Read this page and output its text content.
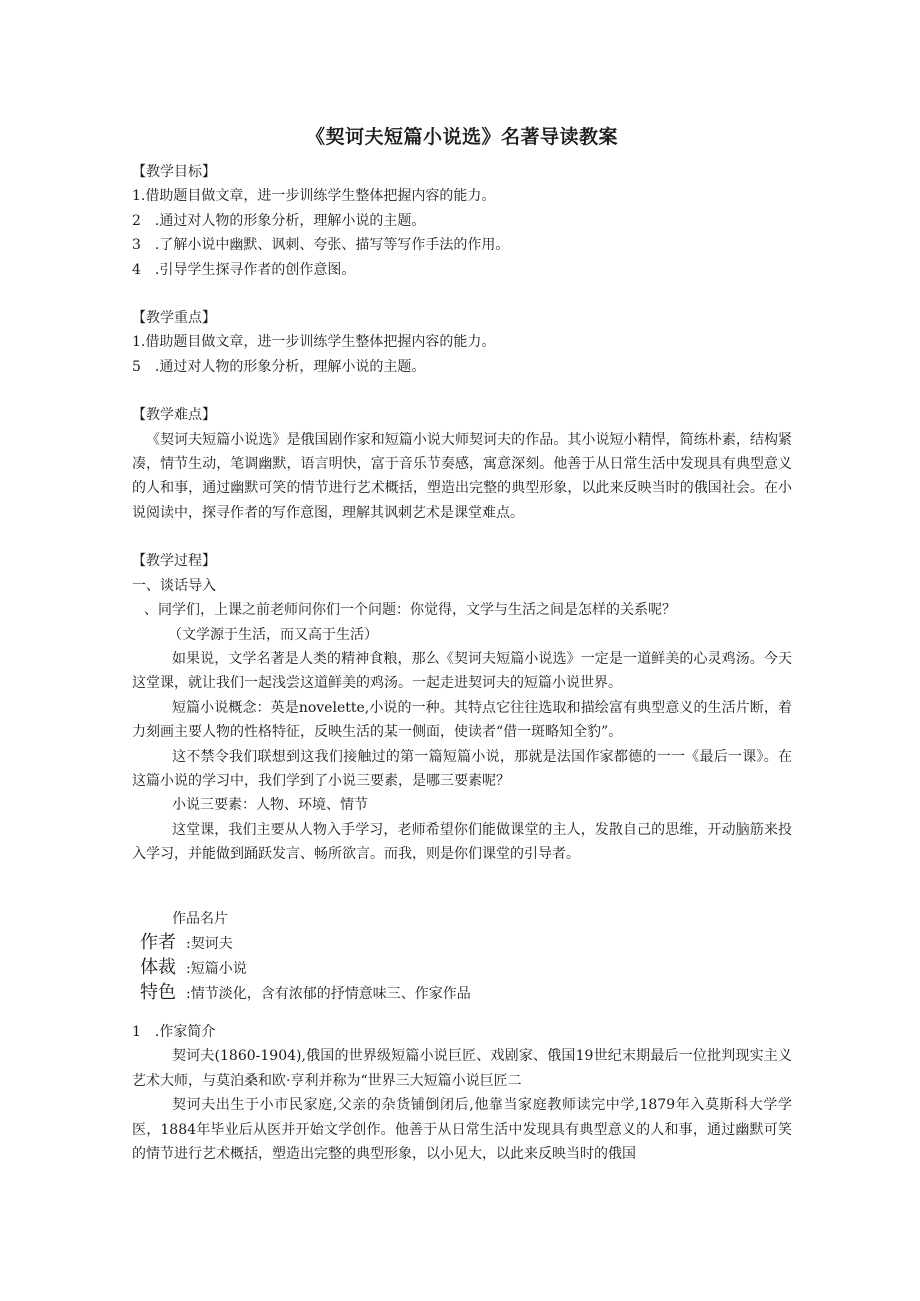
《契诃夫短篇小说选》名著导读教案

【教学目标】

1.借助题目做文章，进一步训练学生整体把握内容的能力。

2　.通过对人物的形象分析，理解小说的主题。

3　.了解小说中幽默、讽刺、夸张、描写等写作手法的作用。

4　.引导学生探寻作者的创作意图。

【教学重点】

1.借助题目做文章，进一步训练学生整体把握内容的能力。

5　.通过对人物的形象分析，理解小说的主题。

【教学难点】

《契诃夫短篇小说选》是俄国剧作家和短篇小说大师契诃夫的作品。其小说短小精悍，简练朴素，结构紧凑，情节生动，笔调幽默，语言明快，富于音乐节奏感，寓意深刻。他善于从日常生活中发现具有典型意义的人和事，通过幽默可笑的情节进行艺术概括，塑造出完整的典型形象，以此来反映当时的俄国社会。在小说阅读中，探寻作者的写作意图，理解其讽刺艺术是课堂难点。

【教学过程】

一、谈话导入

、同学们，上课之前老师问你们一个问题：你觉得，文学与生活之间是怎样的关系呢？

（文学源于生活，而又高于生活）

如果说，文学名著是人类的精神食粮，那么《契诃夫短篇小说选》一定是一道鲜美的心灵鸡汤。今天这堂课，就让我们一起浅尝这道鲜美的鸡汤。一起走进契诃夫的短篇小说世界。

短篇小说概念：英是novelette,小说的一种。其特点它往往选取和描绘富有典型意义的生活片断，着力刻画主要人物的性格特征，反映生活的某一侧面，使读者“借一斑略知全豹”。

这不禁令我们联想到这我们接触过的第一篇短篇小说，那就是法国作家都德的一一《最后一课》。在这篇小说的学习中，我们学到了小说三要素，是哪三要素呢？

小说三要素：人物、环境、情节

这堂课，我们主要从人物入手学习，老师希望你们能做课堂的主人，发散自己的思维，开动脑筋来投入学习，并能做到踊跃发言、畅所欲言。而我，则是你们课堂的引导者。

作品名片

作者 : 契诃夫
体裁 : 短篇小说
特色 : 情节淡化，含有浓郁的抒情意味三、作家作品

1　.作家简介

契诃夫(1860-1904),俄国的世界级短篇小说巨匠、戏剧家、俄国19世纪末期最后一位批判现实主义艺术大师，与莫泊桑和欧·亨利并称为“世界三大短篇小说巨匠二

契诃夫出生于小市民家庭,父亲的杂货铺倒闭后,他靠当家庭教师读完中学,1879年入莫斯科大学学医，1884年毕业后从医并开始文学创作。他善于从日常生活中发现具有典型意义的人和事，通过幽默可笑的情节进行艺术概括，塑造出完整的典型形象，以小见大，以此来反映当时的俄国
